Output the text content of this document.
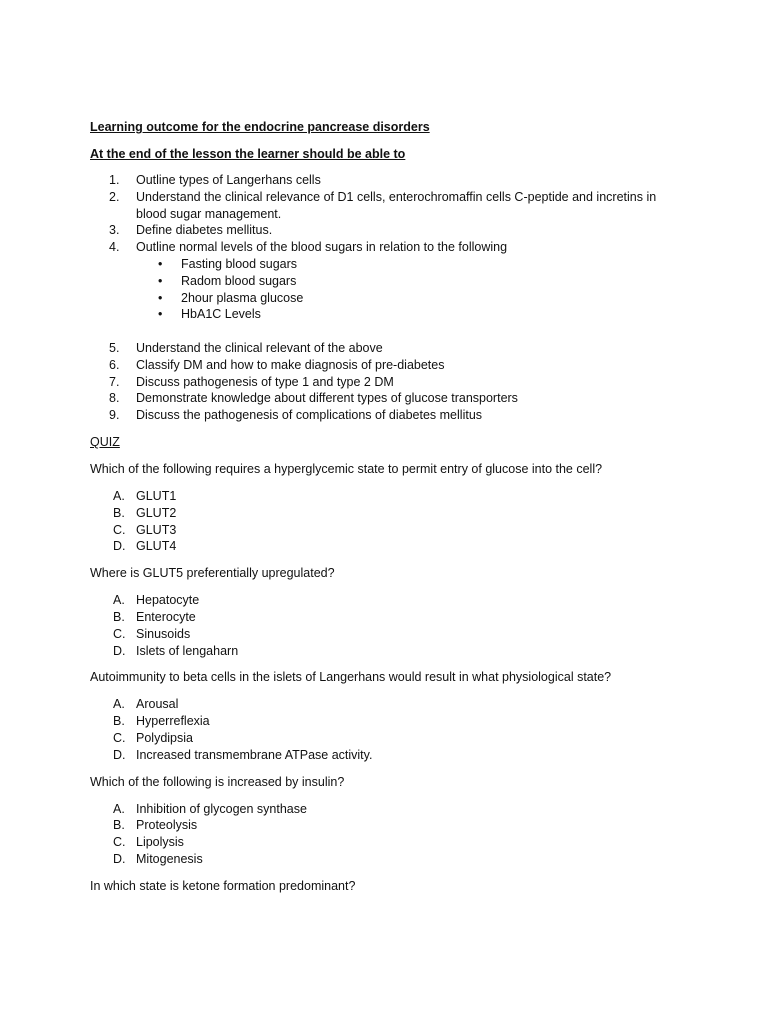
Learning outcome for the endocrine pancrease disorders

At the end of the lesson the learner should be able to

1.	Outline types of Langerhans cells
2.	Understand the clinical relevance of D1 cells, enterochromaffin cells C-peptide and incretins in blood sugar management.
3.	Define diabetes mellitus.
4.	Outline normal levels of the blood sugars in relation to the following
• Fasting blood sugars
• Radom blood sugars
• 2hour plasma glucose
• HbA1C Levels
5.	Understand the clinical relevant of the above
6.	Classify DM and how to make diagnosis of pre-diabetes
7.	Discuss pathogenesis of type 1 and type 2 DM
8.	Demonstrate knowledge about different types of glucose transporters
9.	Discuss the pathogenesis of complications of diabetes mellitus

QUIZ

Which of the following requires a hyperglycemic state to permit entry of glucose into the cell?

A. GLUT1
B. GLUT2
C. GLUT3
D. GLUT4

Where is GLUT5 preferentially upregulated?

A. Hepatocyte
B. Enterocyte
C. Sinusoids
D. Islets of lengaharn

Autoimmunity to beta cells in the islets of Langerhans would result in what physiological state?

A. Arousal
B. Hyperreflexia
C. Polydipsia
D. Increased transmembrane ATPase activity.

Which of the following is increased by insulin?

A. Inhibition of glycogen synthase
B. Proteolysis
C. Lipolysis
D. Mitogenesis

In which state is ketone formation predominant?
